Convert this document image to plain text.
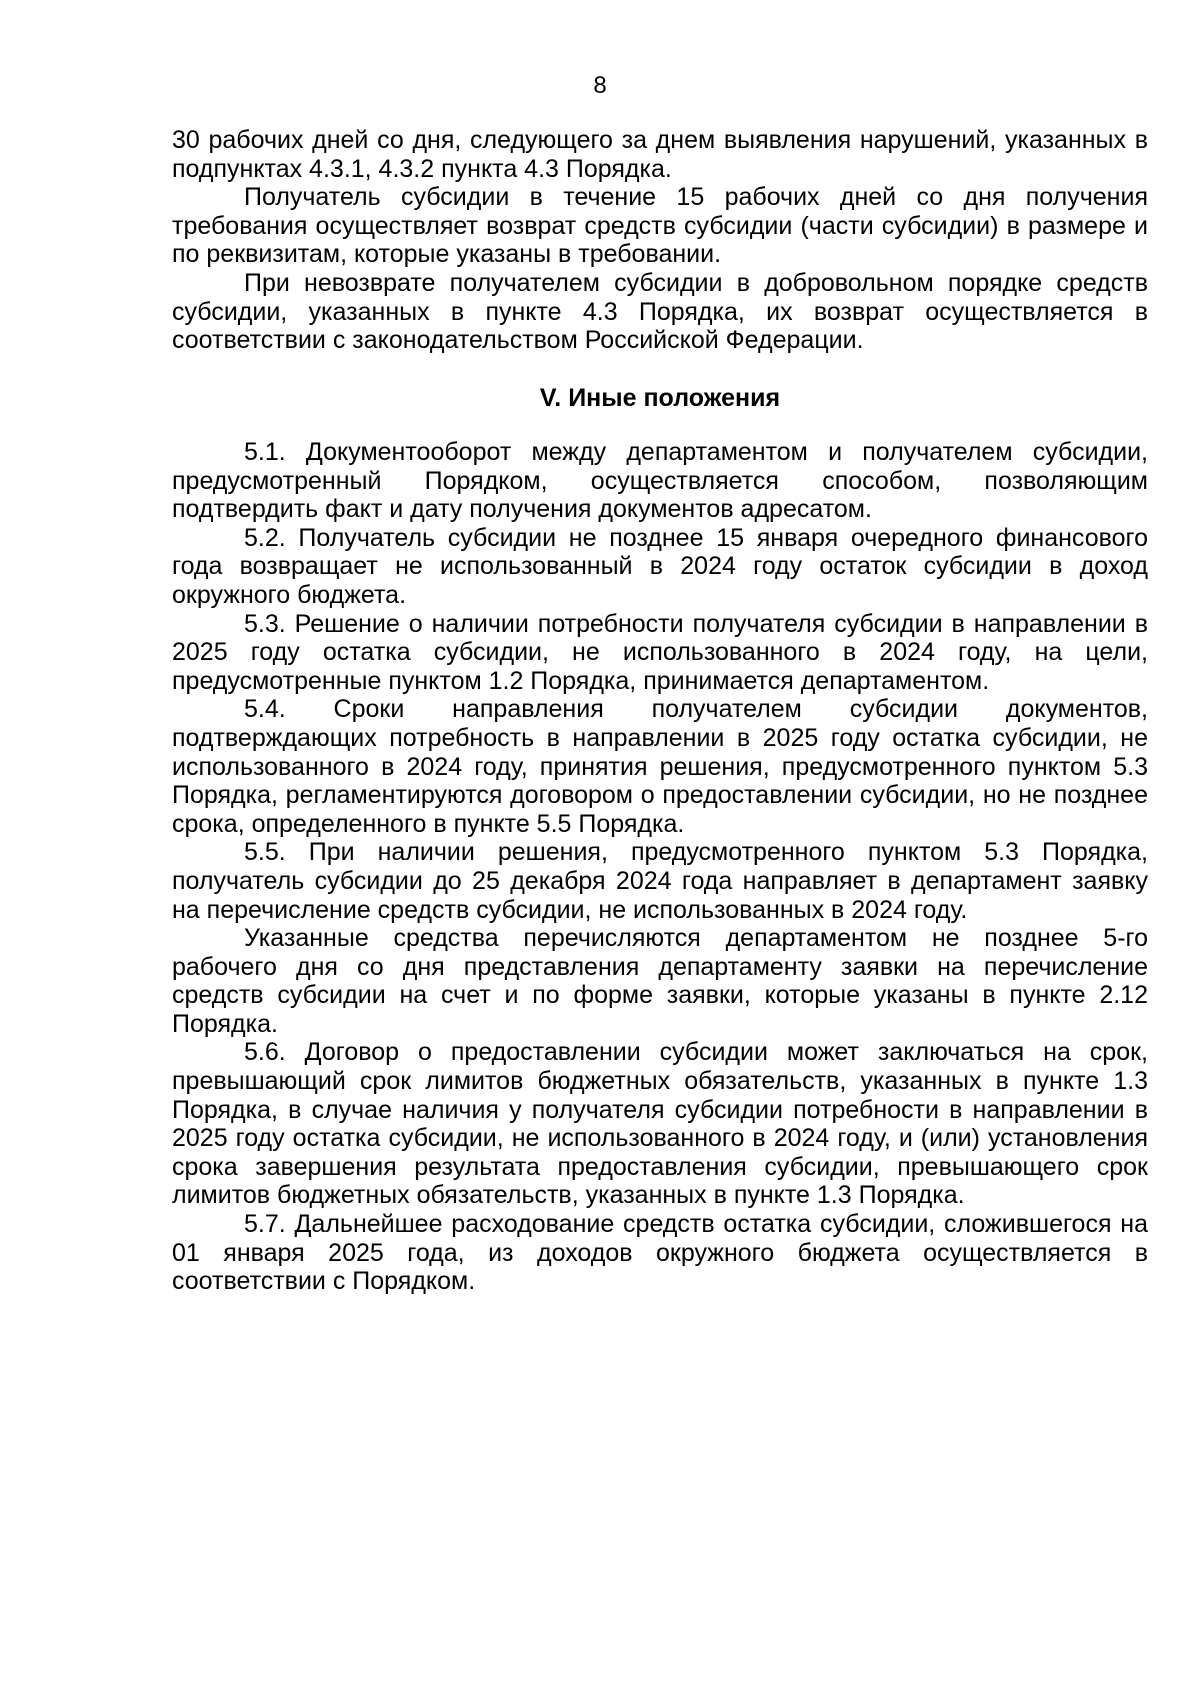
8

30 рабочих дней со дня, следующего за днем выявления нарушений, указанных в подпунктах 4.3.1, 4.3.2 пункта 4.3 Порядка.

Получатель субсидии в течение 15 рабочих дней со дня получения требования осуществляет возврат средств субсидии (части субсидии) в размере и по реквизитам, которые указаны в требовании.

При невозврате получателем субсидии в добровольном порядке средств субсидии, указанных в пункте 4.3 Порядка, их возврат осуществляется в соответствии с законодательством Российской Федерации.

V. Иные положения

5.1. Документооборот между департаментом и получателем субсидии, предусмотренный Порядком, осуществляется способом, позволяющим подтвердить факт и дату получения документов адресатом.

5.2. Получатель субсидии не позднее 15 января очередного финансового года возвращает не использованный в 2024 году остаток субсидии в доход окружного бюджета.

5.3. Решение о наличии потребности получателя субсидии в направлении в 2025 году остатка субсидии, не использованного в 2024 году, на цели, предусмотренные пунктом 1.2 Порядка, принимается департаментом.

5.4. Сроки направления получателем субсидии документов, подтверждающих потребность в направлении в 2025 году остатка субсидии, не использованного в 2024 году, принятия решения, предусмотренного пунктом 5.3 Порядка, регламентируются договором о предоставлении субсидии, но не позднее срока, определенного в пункте 5.5 Порядка.

5.5. При наличии решения, предусмотренного пунктом 5.3 Порядка, получатель субсидии до 25 декабря 2024 года направляет в департамент заявку на перечисление средств субсидии, не использованных в 2024 году.

Указанные средства перечисляются департаментом не позднее 5-го рабочего дня со дня представления департаменту заявки на перечисление средств субсидии на счет и по форме заявки, которые указаны в пункте 2.12 Порядка.

5.6. Договор о предоставлении субсидии может заключаться на срок, превышающий срок лимитов бюджетных обязательств, указанных в пункте 1.3 Порядка, в случае наличия у получателя субсидии потребности в направлении в 2025 году остатка субсидии, не использованного в 2024 году, и (или) установления срока завершения результата предоставления субсидии, превышающего срок лимитов бюджетных обязательств, указанных в пункте 1.3 Порядка.

5.7. Дальнейшее расходование средств остатка субсидии, сложившегося на 01 января 2025 года, из доходов окружного бюджета осуществляется в соответствии с Порядком.
